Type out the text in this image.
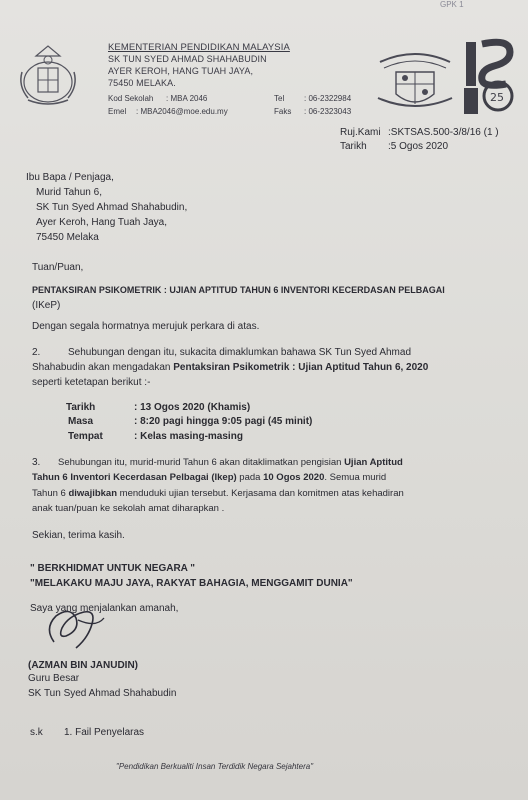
GPK 1
KEMENTERIAN PENDIDIKAN MALAYSIA
SK TUN SYED AHMAD SHAHABUDIN
AYER KEROH, HANG TUAH JAYA,
75450 MELAKA.
Kod Sekolah : MBA 2046
Emel : MBA2046@moe.edu.my
Tel : 06-2322984
Faks : 06-2323043
25
Ruj.Kami :SKTSAS.500-3/8/16 (1 )
Tarikh :5 Ogos 2020
Ibu Bapa / Penjaga,
Murid Tahun 6,
SK Tun Syed Ahmad Shahabudin,
Ayer Keroh, Hang Tuah Jaya,
75450 Melaka
Tuan/Puan,
PENTAKSIRAN PSIKOMETRIK : UJIAN APTITUD TAHUN 6 INVENTORI KECERDASAN PELBAGAI
(IKeP)
Dengan segala hormatnya merujuk perkara di atas.
2.	Sehubungan dengan itu, sukacita dimaklumkan bahawa SK Tun Syed Ahmad
Shahabudin akan mengadakan Pentaksiran Psikometrik : Ujian Aptitud Tahun 6, 2020
seperti ketetapan berikut :-
Tarikh	: 13 Ogos 2020 (Khamis)
Masa	: 8:20 pagi hingga 9:05 pagi (45 minit)
Tempat	: Kelas masing-masing
3. Sehubungan itu, murid-murid Tahun 6 akan ditaklimatkan pengisian Ujian Aptitud
Tahun 6 Inventori Kecerdasan Pelbagai (Ikep) pada 10 Ogos 2020. Semua murid
Tahun 6 diwajibkan menduduki ujian tersebut. Kerjasama dan komitmen atas kehadiran
anak tuan/puan ke sekolah amat diharapkan .
Sekian, terima kasih.
" BERKHIDMAT UNTUK NEGARA "
"MELAKAKU MAJU JAYA, RAKYAT BAHAGIA, MENGGAMIT DUNIA"
Saya yang menjalankan amanah,
(AZMAN BIN JANUDIN)
Guru Besar
SK Tun Syed Ahmad Shahabudin
s.k 1. Fail Penyelaras
"Pendidikan Berkualiti Insan Terdidik Negara Sejahtera"
